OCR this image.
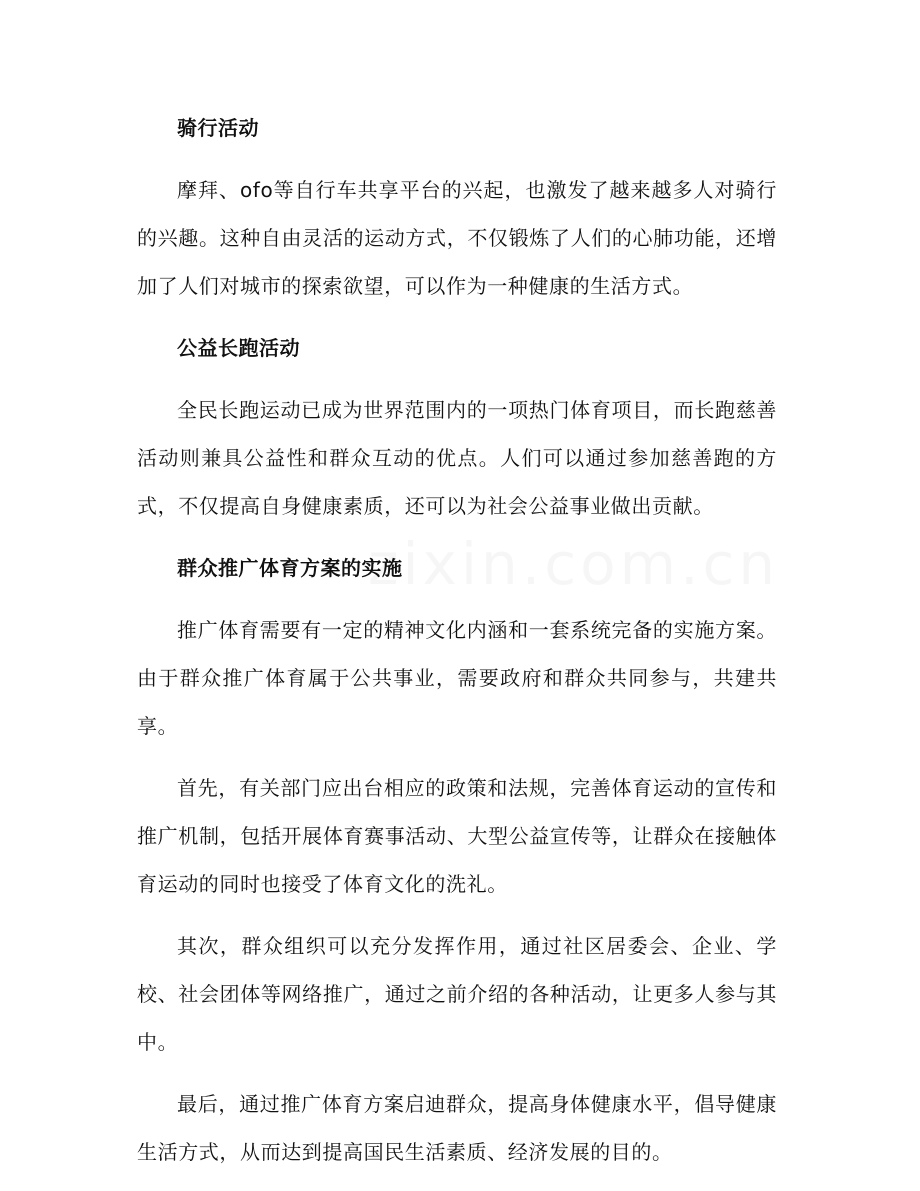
骑行活动
摩拜、ofo等自行车共享平台的兴起，也激发了越来越多人对骑行的兴趣。这种自由灵活的运动方式，不仅锻炼了人们的心肺功能，还增加了人们对城市的探索欲望，可以作为一种健康的生活方式。
公益长跑活动
全民长跑运动已成为世界范围内的一项热门体育项目，而长跑慈善活动则兼具公益性和群众互动的优点。人们可以通过参加慈善跑的方式，不仅提高自身健康素质，还可以为社会公益事业做出贡献。
群众推广体育方案的实施
推广体育需要有一定的精神文化内涵和一套系统完备的实施方案。由于群众推广体育属于公共事业，需要政府和群众共同参与，共建共享。
首先，有关部门应出台相应的政策和法规，完善体育运动的宣传和推广机制，包括开展体育赛事活动、大型公益宣传等，让群众在接触体育运动的同时也接受了体育文化的洗礼。
其次，群众组织可以充分发挥作用，通过社区居委会、企业、学校、社会团体等网络推广，通过之前介绍的各种活动，让更多人参与其中。
最后，通过推广体育方案启迪群众，提高身体健康水平，倡导健康生活方式，从而达到提高国民生活素质、经济发展的目的。
